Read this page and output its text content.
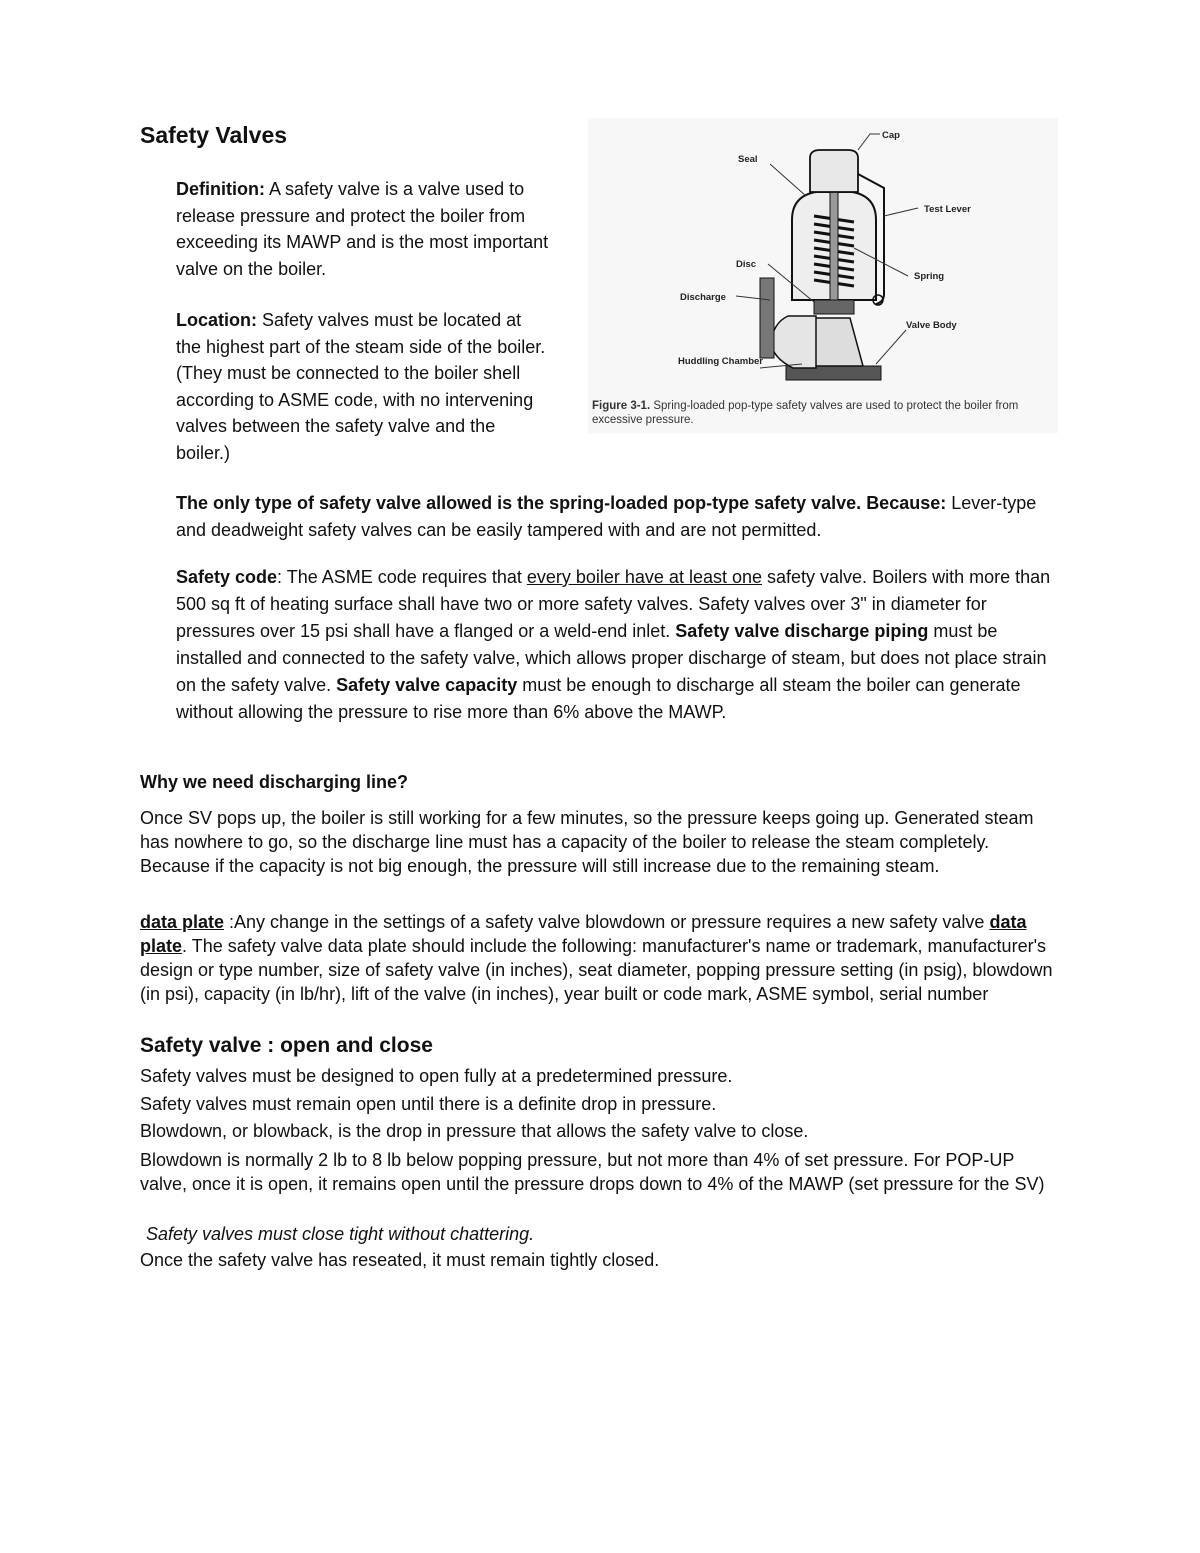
Safety Valves
Definition: A safety valve is a valve used to release pressure and protect the boiler from exceeding its MAWP and is the most important valve on the boiler.
Location: Safety valves must be located at the highest part of the steam side of the boiler. (They must be connected to the boiler shell according to ASME code, with no intervening valves between the safety valve and the boiler.)
Cap
Seal
Test Lever
Disc
Spring
Discharge
Valve Body
Huddling Chamber
Figure 3-1. Spring-loaded pop-type safety valves are used to protect the boiler from excessive pressure.
The only type of safety valve allowed is the spring-loaded pop-type safety valve. Because: Lever-type and deadweight safety valves can be easily tampered with and are not permitted.
Safety code: The ASME code requires that every boiler have at least one safety valve. Boilers with more than 500 sq ft of heating surface shall have two or more safety valves. Safety valves over 3" in diameter for pressures over 15 psi shall have a flanged or a weld-end inlet. Safety valve discharge piping must be installed and connected to the safety valve, which allows proper discharge of steam, but does not place strain on the safety valve. Safety valve capacity must be enough to discharge all steam the boiler can generate without allowing the pressure to rise more than 6% above the MAWP.
Why we need discharging line?
Once SV pops up, the boiler is still working for a few minutes, so the pressure keeps going up. Generated steam has nowhere to go, so the discharge line must has a capacity of the boiler to release the steam completely. Because if the capacity is not big enough, the pressure will still increase due to the remaining steam.
data plate :Any change in the settings of a safety valve blowdown or pressure requires a new safety valve data plate. The safety valve data plate should include the following: manufacturer's name or trademark, manufacturer's design or type number, size of safety valve (in inches), seat diameter, popping pressure setting (in psig), blowdown (in psi), capacity (in lb/hr), lift of the valve (in inches), year built or code mark, ASME symbol, serial number
Safety valve : open and close
Safety valves must be designed to open fully at a predetermined pressure.
Safety valves must remain open until there is a definite drop in pressure.
Blowdown, or blowback, is the drop in pressure that allows the safety valve to close.
Blowdown is normally 2 lb to 8 lb below popping pressure, but not more than 4% of set pressure. For POP-UP valve, once it is open, it remains open until the pressure drops down to 4% of the MAWP (set pressure for the SV)
Safety valves must close tight without chattering.
Once the safety valve has reseated, it must remain tightly closed.
